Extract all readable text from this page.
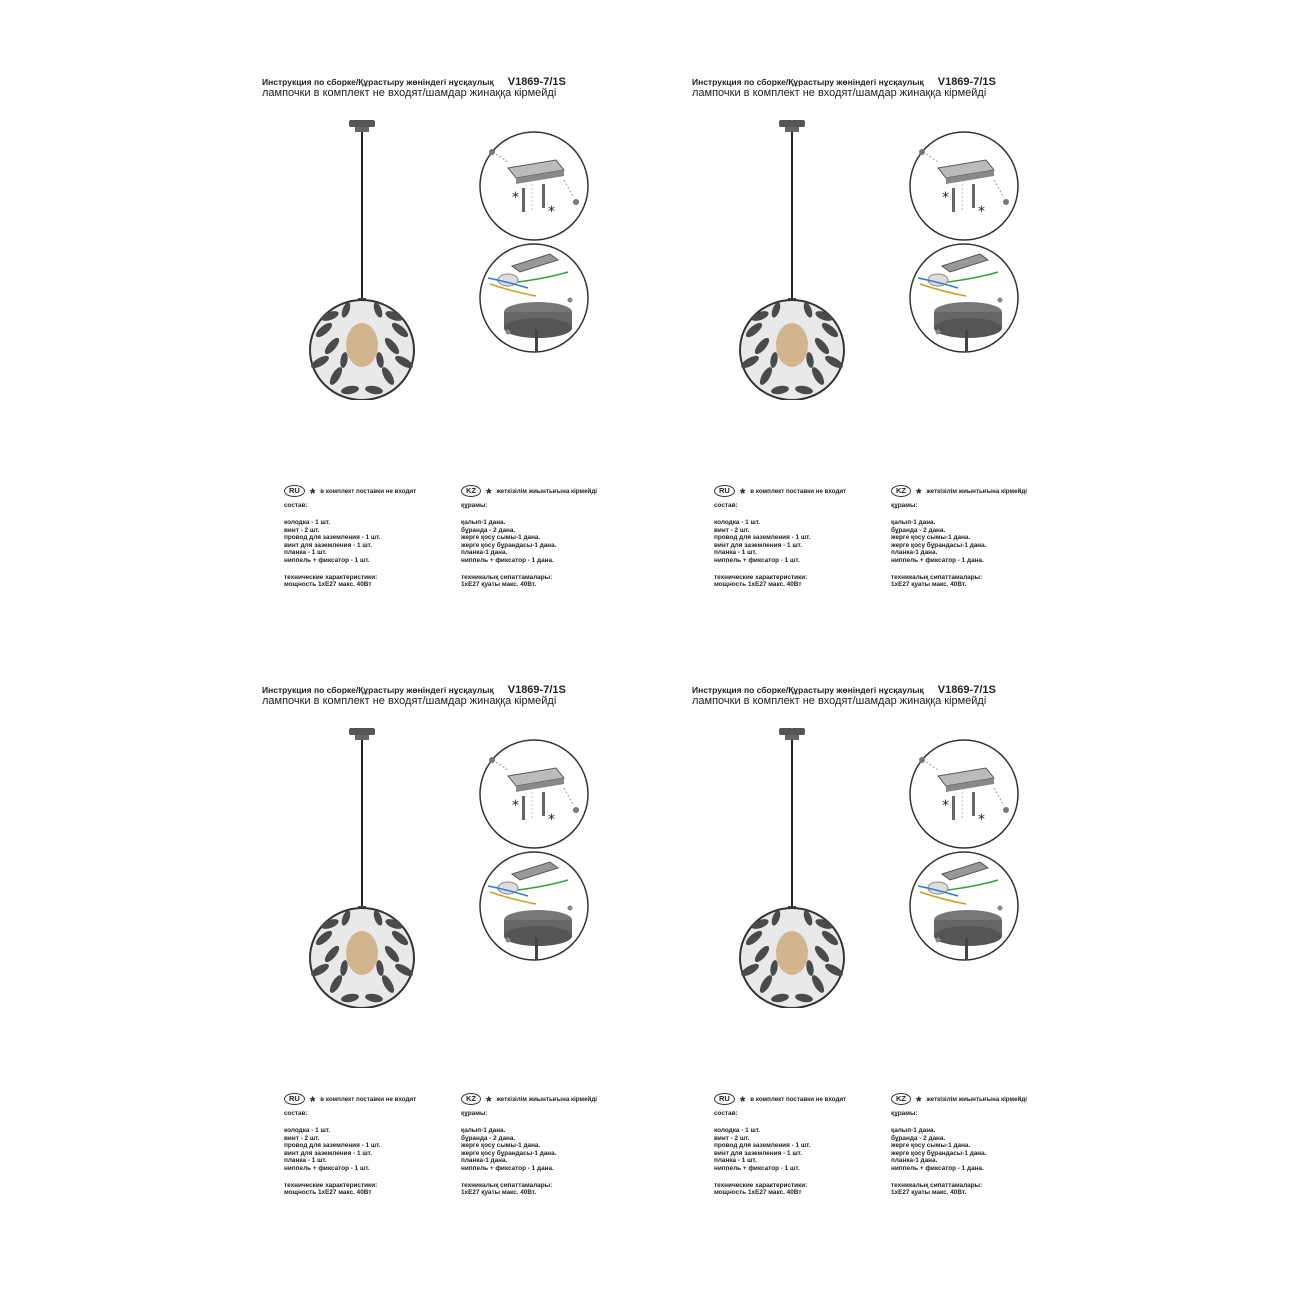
Инструкция по сборке/Құрастыру жөніндегі нұсқаулық V1869-7/1S
лампочки в комплект не входят/шамдар жинаққа кірмейді
*
*
RU * в комплект поставки не входит
состав:
колодка - 1 шт.
винт - 2 шт.
провод для заземления - 1 шт.
винт для заземления - 1 шт.
планка - 1 шт.
ниппель + фиксатор - 1 шт.
технические характеристики:
мощность 1хЕ27 макс. 40Вт
KZ * жеткізілім жиынтығына кірмейді
құрамы:
қалып-1 дана.
бұранда - 2 дана.
жерге қосу сымы-1 дана.
жерге қосу бұрандасы-1 дана.
планка-1 дана.
ниппель + фиксатор - 1 дана.
техникалық сипаттамалары:
1хЕ27 қуаты макс. 40Вт.
Инструкция по сборке/Құрастыру жөніндегі нұсқаулық V1869-7/1S
лампочки в комплект не входят/шамдар жинаққа кірмейді
*
*
RU * в комплект поставки не входит
состав:
колодка - 1 шт.
винт - 2 шт.
провод для заземления - 1 шт.
винт для заземления - 1 шт.
планка - 1 шт.
ниппель + фиксатор - 1 шт.
технические характеристики:
мощность 1хЕ27 макс. 40Вт
KZ * жеткізілім жиынтығына кірмейді
құрамы:
қалып-1 дана.
бұранда - 2 дана.
жерге қосу сымы-1 дана.
жерге қосу бұрандасы-1 дана.
планка-1 дана.
ниппель + фиксатор - 1 дана.
техникалық сипаттамалары:
1хЕ27 қуаты макс. 40Вт.
Инструкция по сборке/Құрастыру жөніндегі нұсқаулық V1869-7/1S
лампочки в комплект не входят/шамдар жинаққа кірмейді
*
*
RU * в комплект поставки не входит
состав:
колодка - 1 шт.
винт - 2 шт.
провод для заземления - 1 шт.
винт для заземления - 1 шт.
планка - 1 шт.
ниппель + фиксатор - 1 шт.
технические характеристики:
мощность 1хЕ27 макс. 40Вт
KZ * жеткізілім жиынтығына кірмейді
құрамы:
қалып-1 дана.
бұранда - 2 дана.
жерге қосу сымы-1 дана.
жерге қосу бұрандасы-1 дана.
планка-1 дана.
ниппель + фиксатор - 1 дана.
техникалық сипаттамалары:
1хЕ27 қуаты макс. 40Вт.
Инструкция по сборке/Құрастыру жөніндегі нұсқаулық V1869-7/1S
лампочки в комплект не входят/шамдар жинаққа кірмейді
*
*
RU * в комплект поставки не входит
состав:
колодка - 1 шт.
винт - 2 шт.
провод для заземления - 1 шт.
винт для заземления - 1 шт.
планка - 1 шт.
ниппель + фиксатор - 1 шт.
технические характеристики:
мощность 1хЕ27 макс. 40Вт
KZ * жеткізілім жиынтығына кірмейді
құрамы:
қалып-1 дана.
бұранда - 2 дана.
жерге қосу сымы-1 дана.
жерге қосу бұрандасы-1 дана.
планка-1 дана.
ниппель + фиксатор - 1 дана.
техникалық сипаттамалары:
1хЕ27 қуаты макс. 40Вт.
